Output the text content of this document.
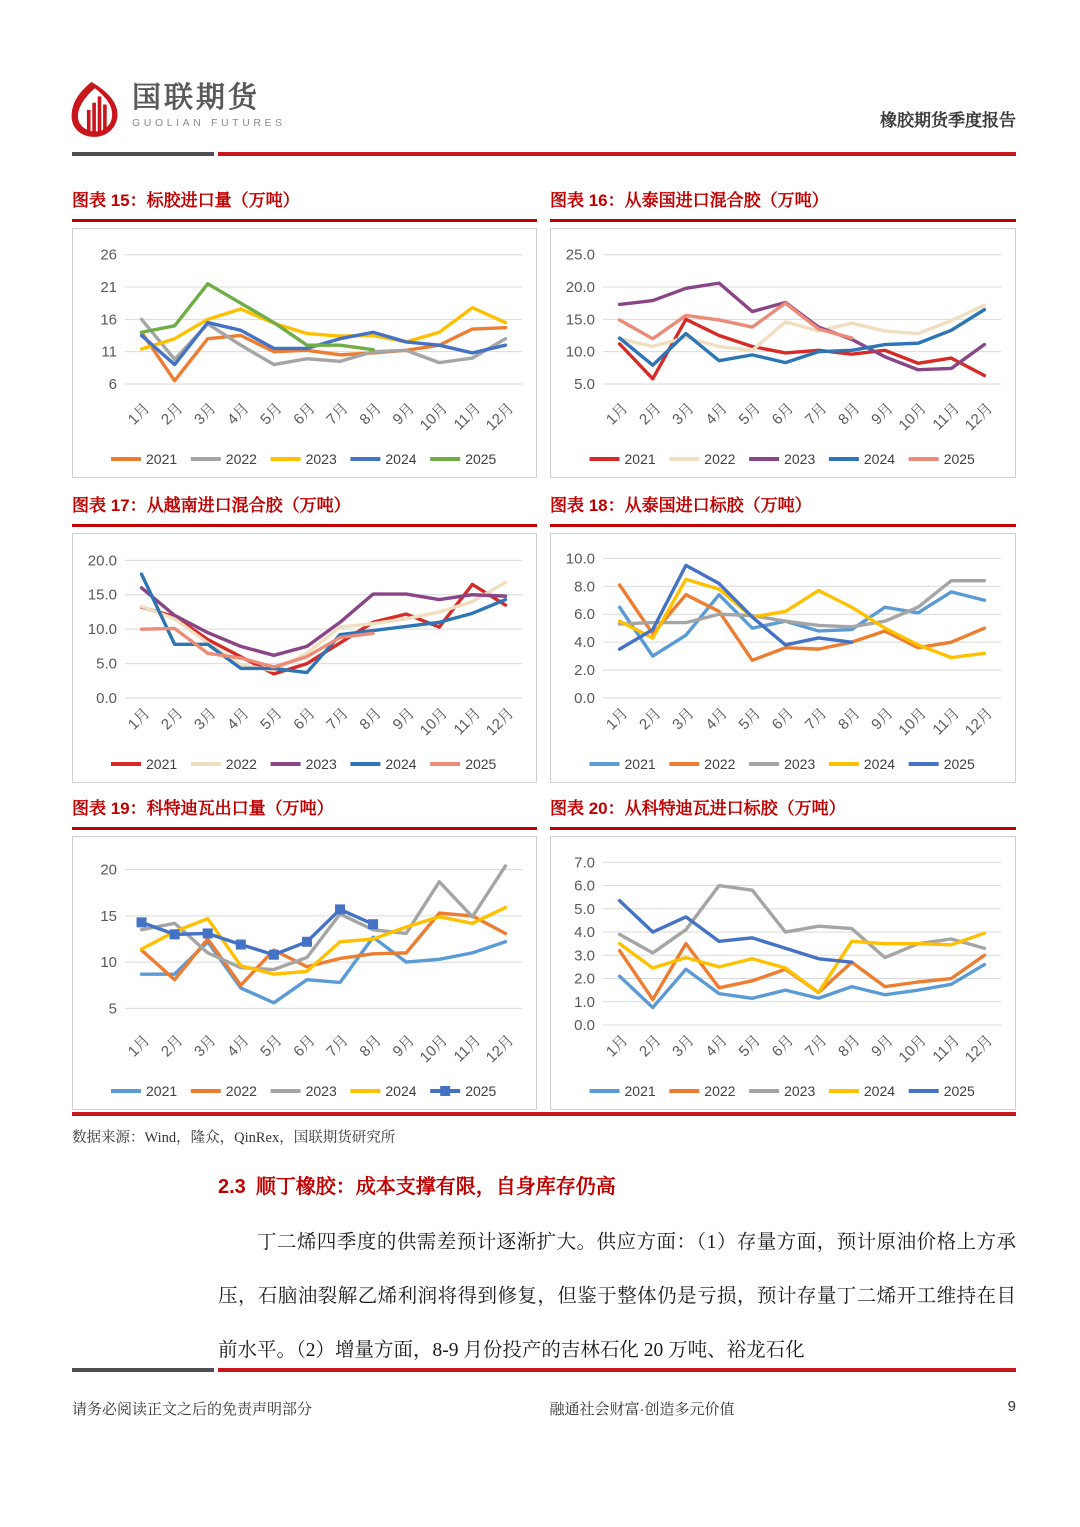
国联期货
GUOLIAN FUTURES	橡胶期货季度报告
图表 15：标胶进口量（万吨）
6
11
16
21
26
1月 2月 3月 4月 5月 6月 7月 8月 9月
10月 11月
12月
2021	2022	2023	2024	2025
图表 16：从泰国进口混合胶（万吨）
5.0
10.0
15.0
20.0
25.0
1月 2月 3月 4月 5月 6月 7月 8月 9月
10月 11月
12月
2021	2022	2023	2024	2025
图表 17：从越南进口混合胶（万吨）
0.0
5.0
10.0
15.0
20.0
1月 2月 3月 4月 5月 6月 7月 8月 9月
10月 11月
12月
2021	2022	2023	2024	2025
图表 18：从泰国进口标胶（万吨）
0.0
2.0
4.0
6.0
8.0
10.0
1月 2月 3月 4月 5月 6月 7月 8月 9月
10月 11月
12月
2021	2022	2023	2024	2025
图表 19：科特迪瓦出口量（万吨）
5
10
15
20
1月 2月 3月 4月 5月 6月 7月 8月 9月
10月 11月
12月
2021	2022	2023	2024	2025
图表 20：从科特迪瓦进口标胶（万吨）
0.0
1.0
2.0
3.0
4.0
5.0
6.0
7.0
1月 2月 3月 4月 5月 6月 7月 8月 9月
10月 11月
12月
2021	2022	2023	2024	2025
数据来源：Wind，隆众，QinRex，国联期货研究所
2.3 顺丁橡胶：成本支撑有限，自身库存仍高
丁二烯四季度的供需差预计逐渐扩大。供应方面：（1）存量方面，预计原油价格上方承压，石脑油裂解乙烯利润将得到修复，但鉴于整体仍是亏损，预计存量丁二烯开工维持在目前水平。（2）增量方面，8-9 月份投产的吉林石化 20 万吨、裕龙石化
请务必阅读正文之后的免责声明部分	融通社会财富·创造多元价值	9
